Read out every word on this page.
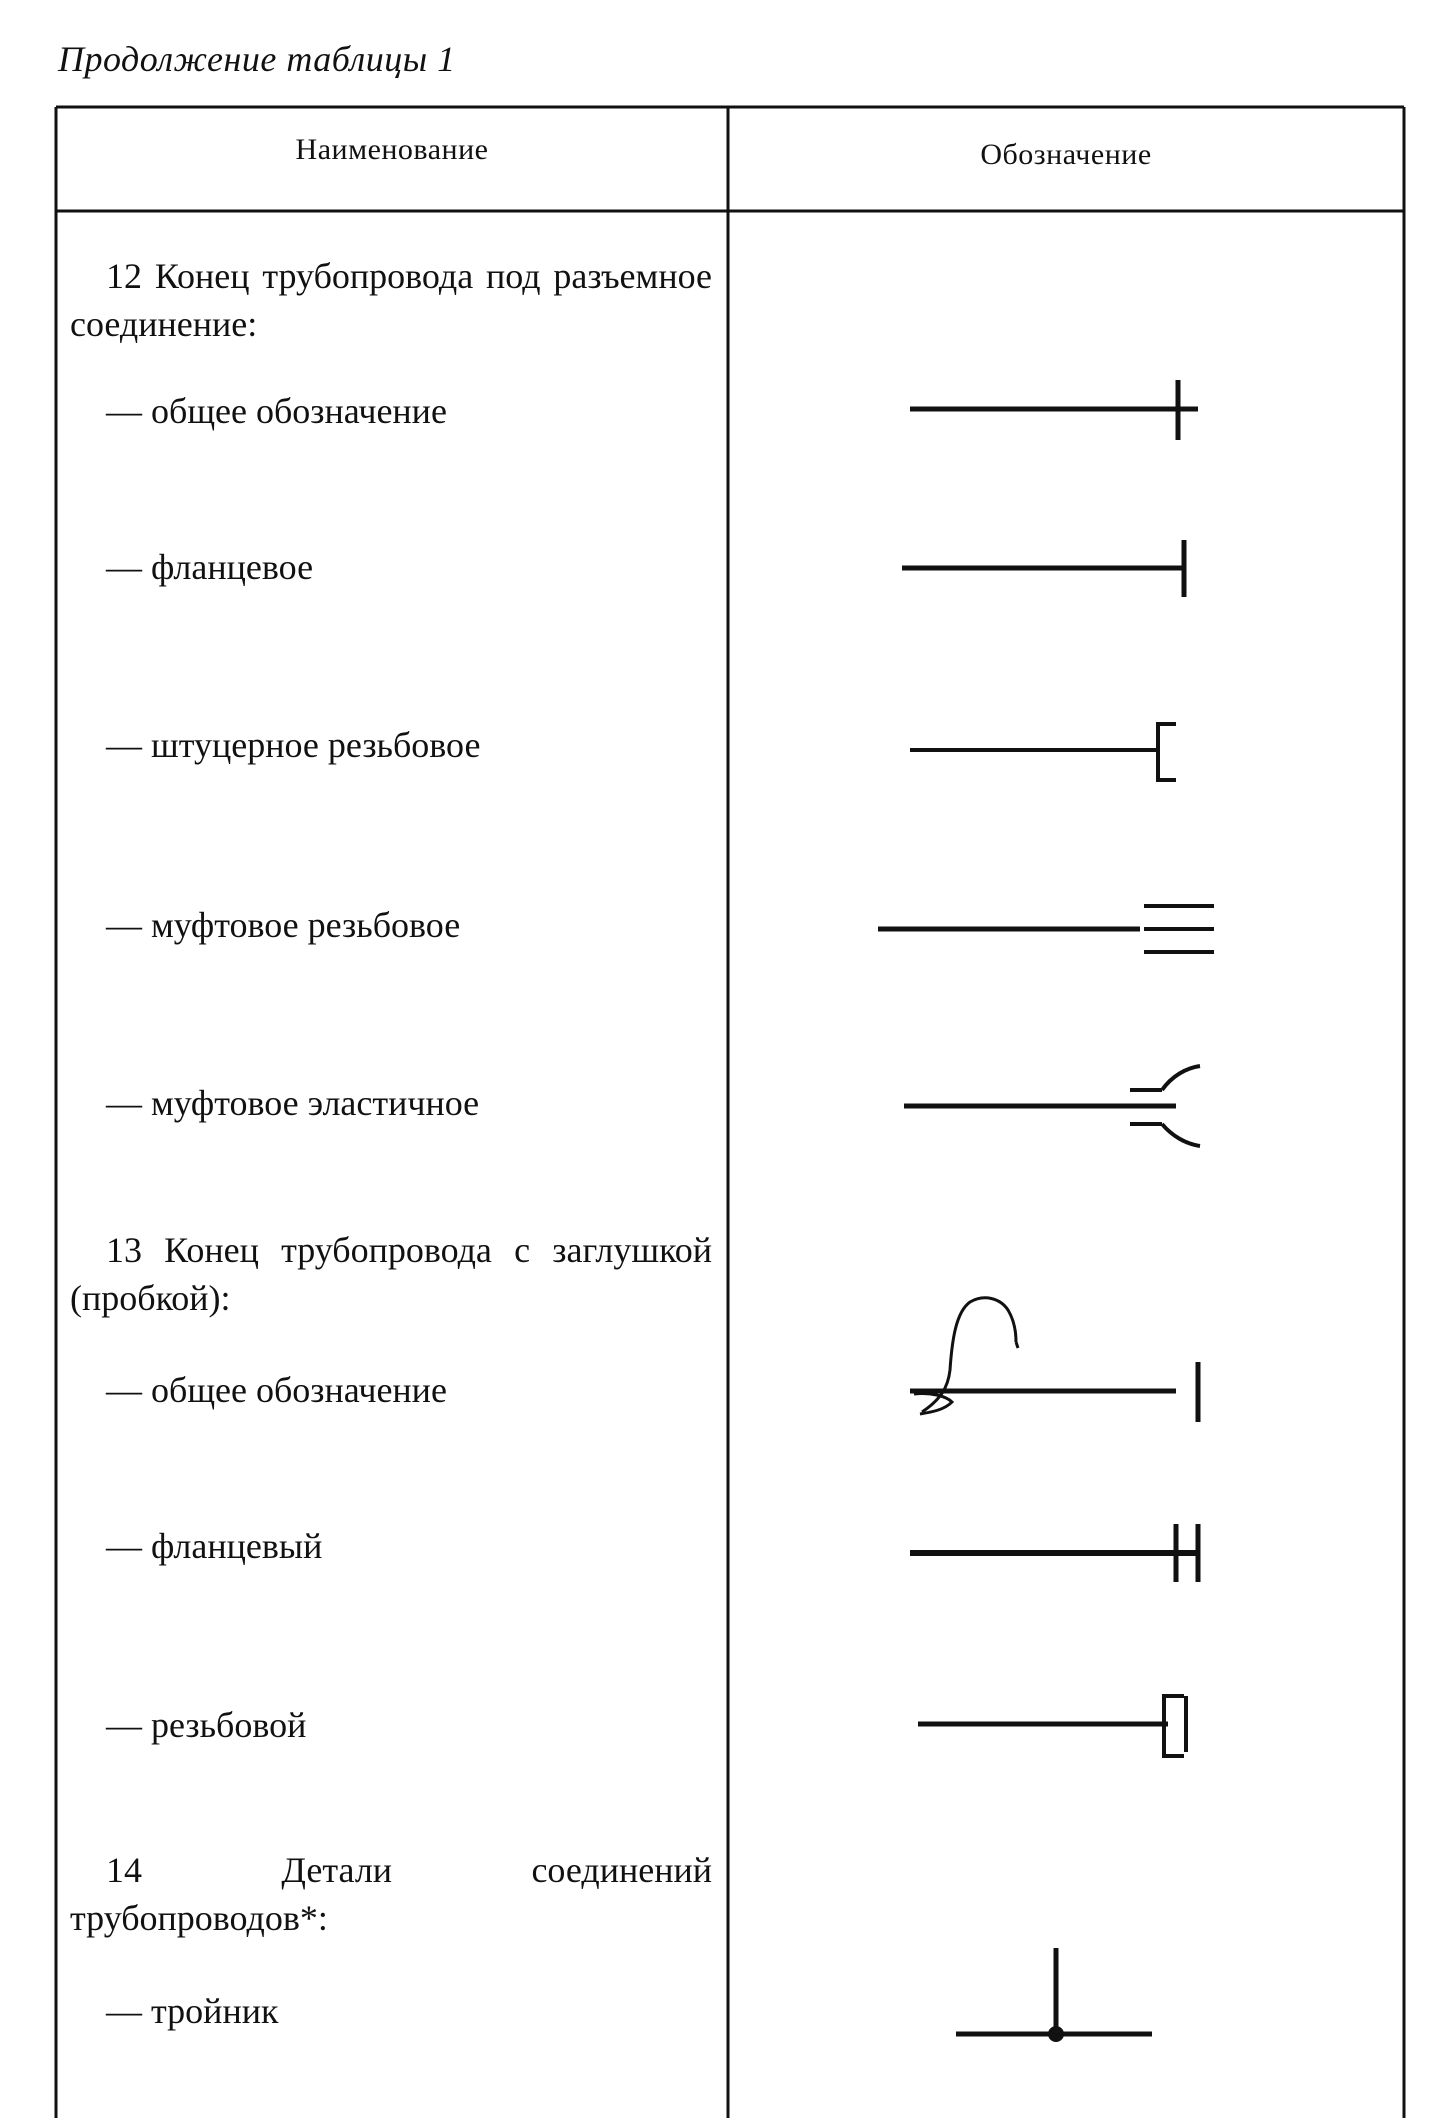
Продолжение таблицы 1
Наименование	Обозначение
12 Конец трубопровода под разъемное соединение:
— общее обозначение
— фланцевое
— штуцерное резьбовое
— муфтовое резьбовое
— муфтовое эластичное
13 Конец трубопровода с заглушкой (пробкой):
— общее обозначение
— фланцевый
— резьбовой
14 Детали соединений трубопроводов*:
— тройник
